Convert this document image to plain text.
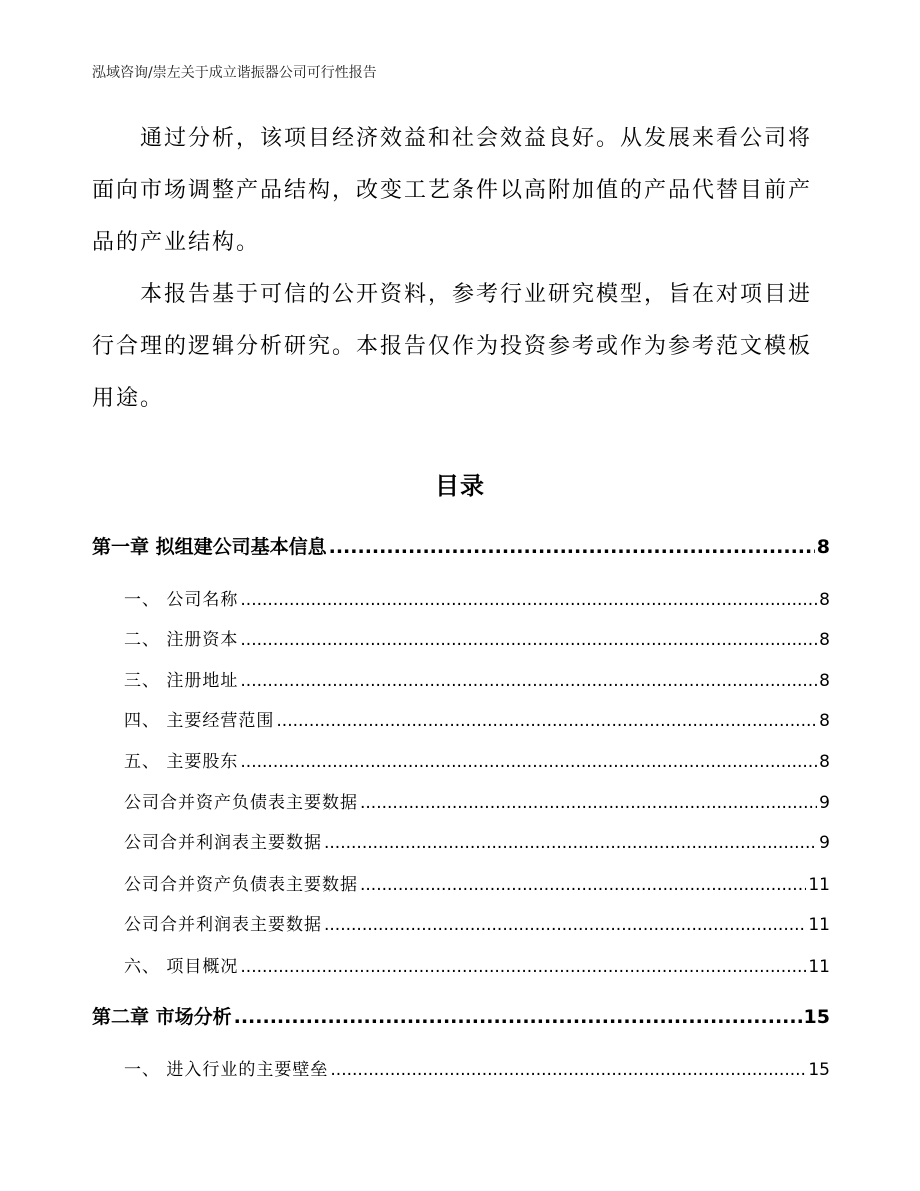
泓域咨询/崇左关于成立谐振器公司可行性报告

通过分析，该项目经济效益和社会效益良好。从发展来看公司将面向市场调整产品结构，改变工艺条件以高附加值的产品代替目前产品的产业结构。

本报告基于可信的公开资料，参考行业研究模型，旨在对项目进行合理的逻辑分析研究。本报告仅作为投资参考或作为参考范文模板用途。

目录
第一章 拟组建公司基本信息 .....	8
一、 公司名称 .....	8
二、 注册资本 .....	8
三、 注册地址 .....	8
四、 主要经营范围 .....	8
五、 主要股东 .....	8
公司合并资产负债表主要数据 .....	9
公司合并利润表主要数据 .....	9
公司合并资产负债表主要数据 .....	11
公司合并利润表主要数据 .....	11
六、 项目概况 .....	11
第二章 市场分析 .....	15
一、 进入行业的主要壁垒 .....	15
